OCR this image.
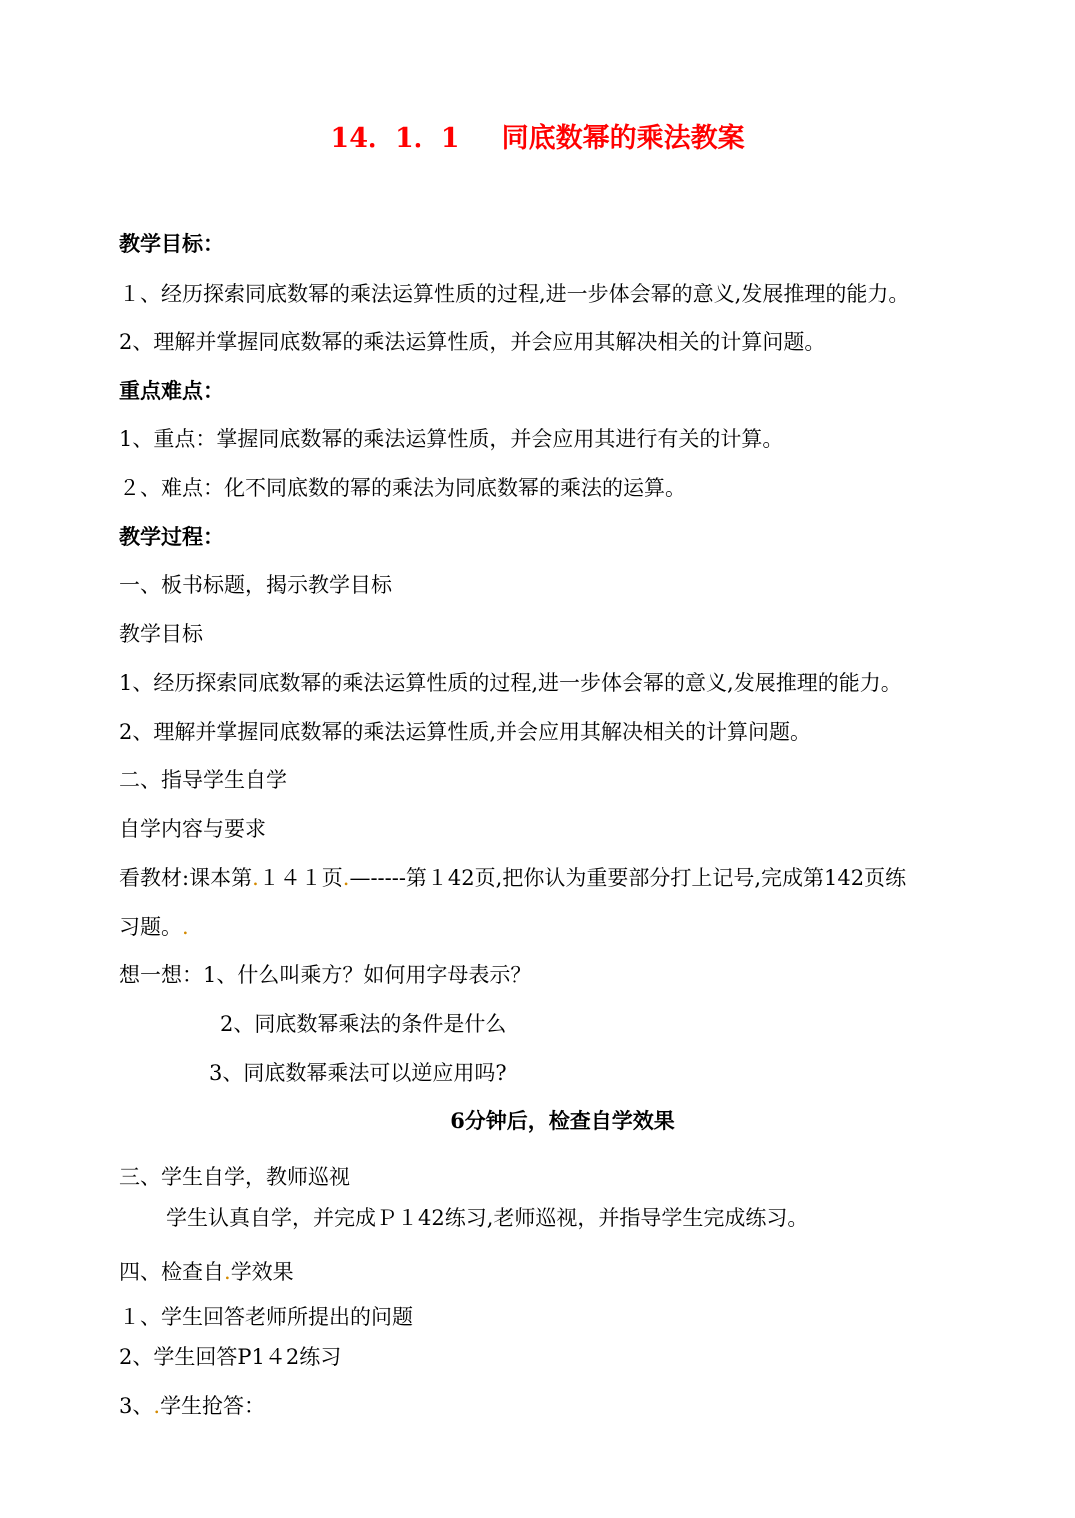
14．1．1 同底数幂的乘法教案
教学目标：
１、经历探索同底数幂的乘法运算性质的过程,进一步体会幂的意义,发展推理的能力。
2、理解并掌握同底数幂的乘法运算性质，并会应用其解决相关的计算问题。
重点难点：
1、重点：掌握同底数幂的乘法运算性质，并会应用其进行有关的计算。
２、难点：化不同底数的幂的乘法为同底数幂的乘法的运算。
教学过程：
一、板书标题，揭示教学目标
教学目标
1、经历探索同底数幂的乘法运算性质的过程,进一步体会幂的意义,发展推理的能力。
2、理解并掌握同底数幂的乘法运算性质,并会应用其解决相关的计算问题。
二、指导学生自学
自学内容与要求
看教材:课本第.１４１页.—-----第１42页,把你认为重要部分打上记号,完成第142页练
习题。.
想一想：1、什么叫乘方？如何用字母表示？
2、同底数幂乘法的条件是什么
3、同底数幂乘法可以逆应用吗?
6分钟后，检查自学效果
三、学生自学，教师巡视
学生认真自学，并完成Ｐ１42练习,老师巡视，并指导学生完成练习。
四、检查自.学效果
１、学生回答老师所提出的问题
2、学生回答P1４2练习
3、.学生抢答：
